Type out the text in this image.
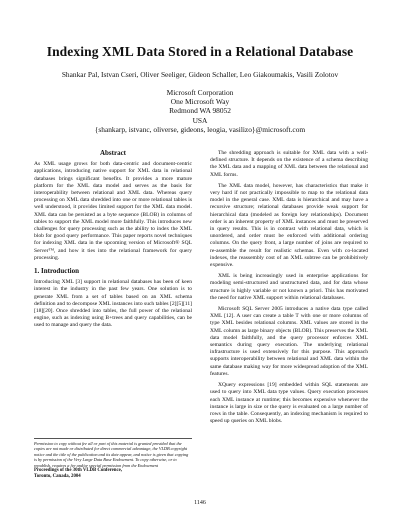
Indexing XML Data Stored in a Relational Database
Shankar Pal, Istvan Cseri, Oliver Seeliger, Gideon Schaller, Leo Giakoumakis, Vasili Zolotov
Microsoft Corporation
One Microsoft Way
Redmond WA 98052
USA
{shankarp, istvanc, oliverse, gideons, leogia, vasilizo}@microsoft.com
Abstract

As XML usage grows for both data-centric and document-centric applications, introducing native support for XML data in relational databases brings significant benefits. It provides a more mature platform for the XML data model and serves as the basis for interoperability between relational and XML data. Whereas query processing on XML data shredded into one or more relational tables is well understood, it provides limited support for the XML data model. XML data can be persisted as a byte sequence (BLOB) in columns of tables to support the XML model more faithfully. This introduces new challenges for query processing such as the ability to index the XML blob for good query performance. This paper reports novel techniques for indexing XML data in the upcoming version of Microsoft® SQL Server™, and how it ties into the relational framework for query processing.

1. Introduction

Introducing XML [3] support in relational databases has been of keen interest in the industry in the past few years. One solution is to generate XML from a set of tables based on an XML schema definition and to decompose XML instances into such tables [2][5][11] [18][20]. Once shredded into tables, the full power of the relational engine, such as indexing using B+trees and query capabilities, can be used to manage and query the data.

The shredding approach is suitable for XML data with a well-defined structure. It depends on the existence of a schema describing the XML data and a mapping of XML data between the relational and XML forms.

The XML data model, however, has characteristics that make it very hard if not practically impossible to map to the relational data model in the general case. XML data is hierarchical and may have a recursive structure; relational databases provide weak support for hierarchical data (modeled as foreign key relationships). Document order is an inherent property of XML instances and must be preserved in query results. This is in contrast with relational data, which is unordered, and order must be enforced with additional ordering columns. On the query front, a large number of joins are required to re-assemble the result for realistic schemas. Even with co-located indexes, the reassembly cost of an XML subtree can be prohibitively expensive.

XML is being increasingly used in enterprise applications for modeling semi-structured and unstructured data, and for data whose structure is highly variable or not known a priori. This has motivated the need for native XML support within relational databases.

Microsoft SQL Server 2005 introduces a native data type called XML [12]. A user can create a table T with one or more columns of type XML besides relational columns. XML values are stored in the XML column as large binary objects (BLOB). This preserves the XML data model faithfully, and the query processor enforces XML semantics during query execution. The underlying relational infrastructure is used extensively for this purpose. This approach supports interoperability between relational and XML data within the same database making way for more widespread adoption of the XML features.

XQuery expressions [19] embedded within SQL statements are used to query into XML data type values. Query execution processes each XML instance at runtime; this becomes expensive whenever the instance is large in size or the query is evaluated on a large number of rows in the table. Consequently, an indexing mechanism is required to speed up queries on XML blobs.

Permission to copy without fee all or part of this material is granted provided that the copies are not made or distributed for direct commercial advantage, the VLDB copyright notice and the title of the publication and its date appear, and notice is given that copying is by permission of the Very Large Data Base Endowment. To copy otherwise, or to republish, requires a fee and/or special permission from the Endowment
Proceedings of the 30th VLDB Conference,
Toronto, Canada, 2004
1146
